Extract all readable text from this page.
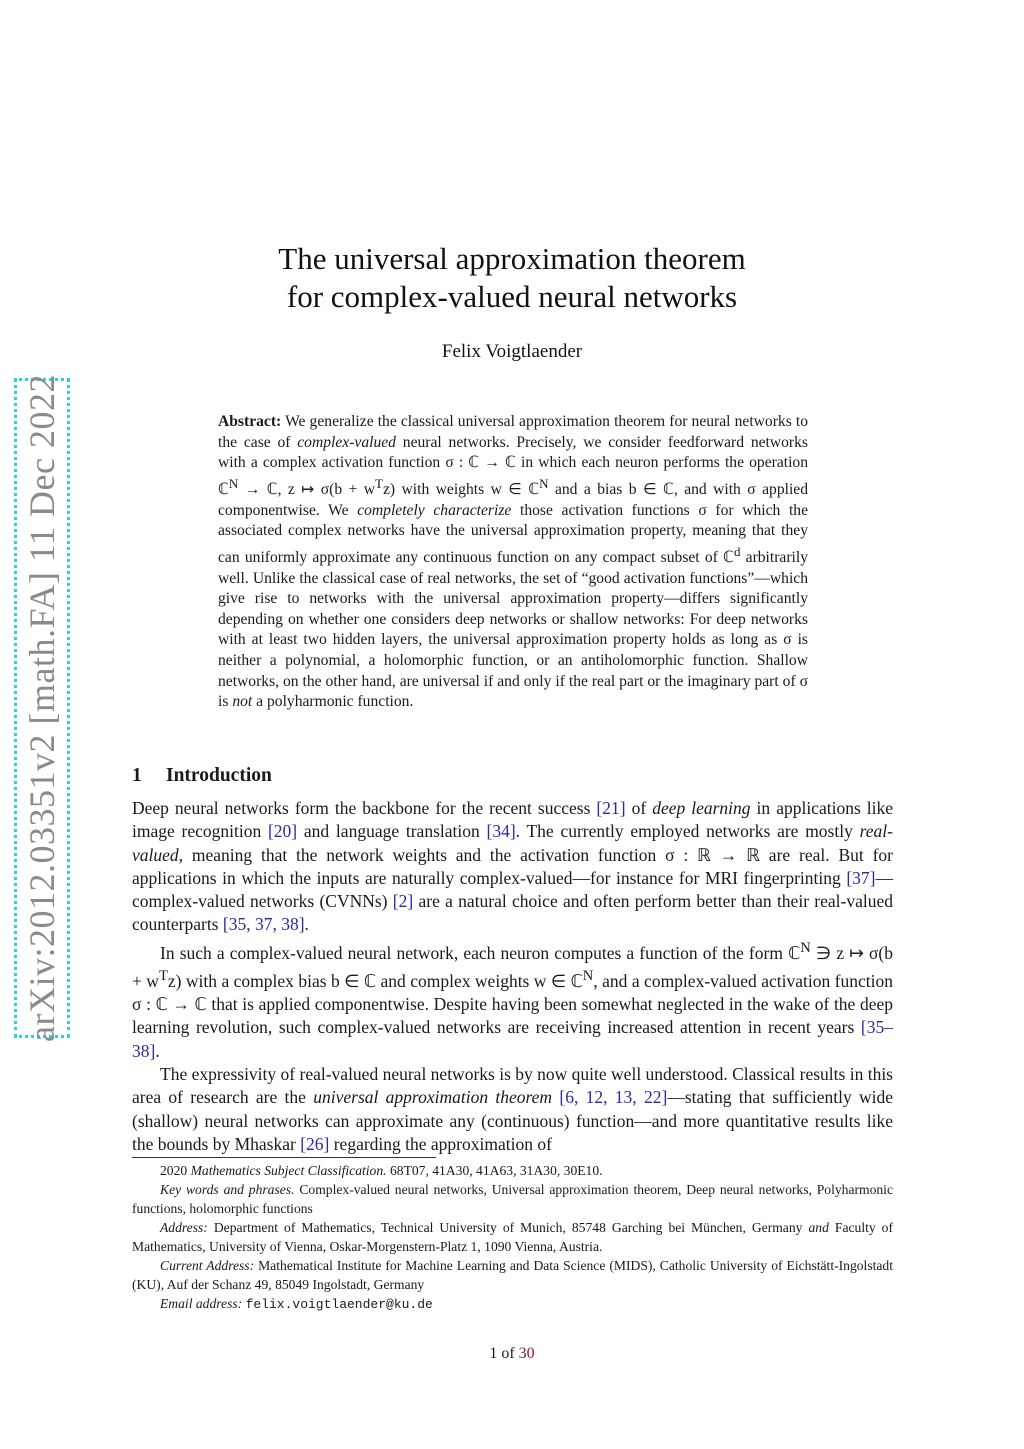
arXiv:2012.03351v2 [math.FA] 11 Dec 2022
The universal approximation theorem
for complex-valued neural networks
Felix Voigtlaender
Abstract: We generalize the classical universal approximation theorem for neural networks to the case of complex-valued neural networks. Precisely, we consider feedforward networks with a complex activation function σ : ℂ → ℂ in which each neuron performs the operation ℂ$^N$ → ℂ, z ↦ $\sigma(b + w^Tz)$ with weights w ∈ ℂ$^N$ and a bias b ∈ ℂ, and with σ applied componentwise. We completely characterize those activation functions σ for which the associated complex networks have the universal approximation property, meaning that they can uniformly approximate any continuous function on any compact subset of ℂ$^d$ arbitrarily well. Unlike the classical case of real networks, the set of “good activation functions”—which give rise to networks with the universal approximation property—differs significantly depending on whether one considers deep networks or shallow networks: For deep networks with at least two hidden layers, the universal approximation property holds as long as σ is neither a polynomial, a holomorphic function, or an antiholomorphic function. Shallow networks, on the other hand, are universal if and only if the real part or the imaginary part of σ is not a polyharmonic function.
1 Introduction

Deep neural networks form the backbone for the recent success [21] of deep learning in applications like image recognition [20] and language translation [34]. The currently employed networks are mostly real-valued, meaning that the network weights and the activation function σ : ℝ → ℝ are real. But for applications in which the inputs are naturally complex-valued—for instance for MRI fingerprinting [37]—complex-valued networks (CVNNs) [2] are a natural choice and often perform better than their real-valued counterparts [35, 37, 38].

In such a complex-valued neural network, each neuron computes a function of the form ℂ$^N$ ∋ z ↦ $\sigma(b + w^Tz)$ with a complex bias b ∈ ℂ and complex weights w ∈ ℂ$^N$, and a complex-valued activation function σ : ℂ → ℂ that is applied componentwise. Despite having been somewhat neglected in the wake of the deep learning revolution, such complex-valued networks are receiving increased attention in recent years [35–38].

The expressivity of real-valued neural networks is by now quite well understood. Classical results in this area of research are the universal approximation theorem [6, 12, 13, 22]—stating that sufficiently wide (shallow) neural networks can approximate any (continuous) function—and more quantitative results like the bounds by Mhaskar [26] regarding the approximation of

2020 Mathematics Subject Classification. 68T07, 41A30, 41A63, 31A30, 30E10.

Key words and phrases. Complex-valued neural networks, Universal approximation theorem, Deep neural networks, Polyharmonic functions, holomorphic functions

Address: Department of Mathematics, Technical University of Munich, 85748 Garching bei München, Germany and Faculty of Mathematics, University of Vienna, Oskar-Morgenstern-Platz 1, 1090 Vienna, Austria.

Current Address: Mathematical Institute for Machine Learning and Data Science (MIDS), Catholic University of Eichstätt-Ingolstadt (KU), Auf der Schanz 49, 85049 Ingolstadt, Germany

Email address: felix.voigtlaender@ku.de

1 of 30
